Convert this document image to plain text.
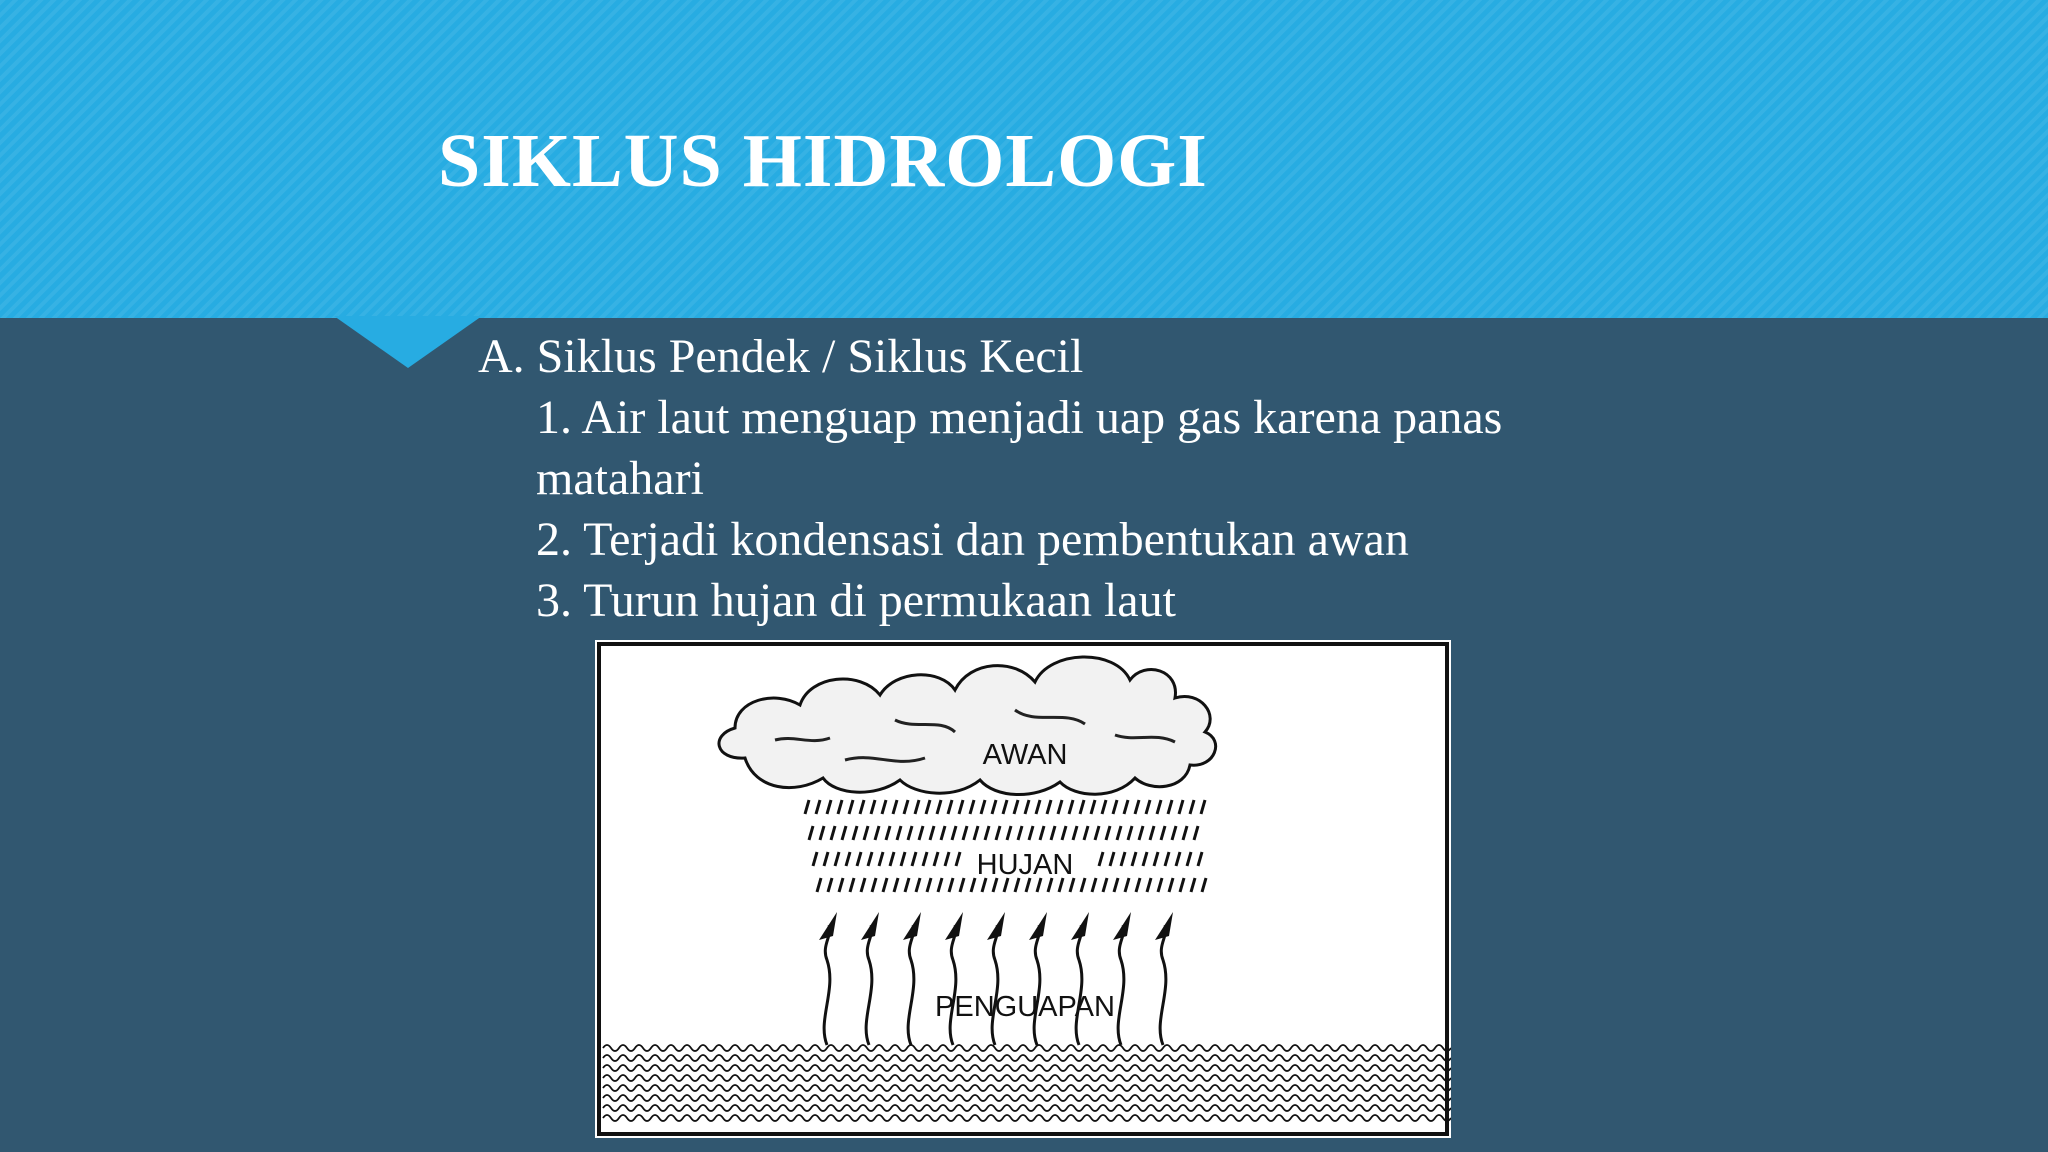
SIKLUS HIDROLOGI
A. Siklus Pendek / Siklus Kecil
1. Air laut menguap menjadi uap gas karena panas
matahari
2. Terjadi kondensasi dan pembentukan awan
3. Turun hujan di permukaan laut
AWAN
HUJAN
PENGUAPAN
